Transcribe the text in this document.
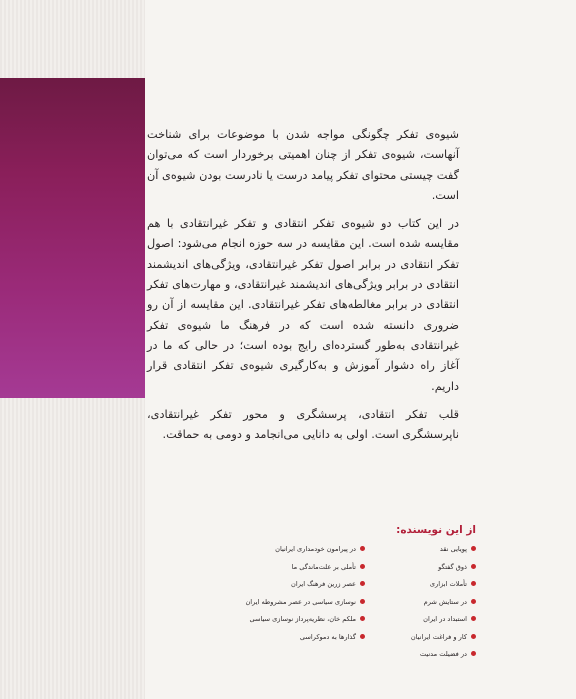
شیوه‌ی تفکر چگونگی مواجه شدن با موضوعات برای شناخت آنهاست، شیوه‌ی تفکر از چنان اهمیتی برخوردار است که می‌توان گفت چیستی محتوای تفکر پیامد درست یا نادرست بودن شیوه‌ی آن است.

در این کتاب دو شیوه‌ی تفکر انتقادی و تفکر غیرانتقادی با هم مقایسه شده است. این مقایسه در سه حوزه انجام می‌شود: اصول تفکر انتقادی در برابر اصول تفکر غیرانتقادی، ویژگی‌های اندیشمند انتقادی در برابر ویژگی‌های اندیشمند غیرانتقادی، و مهارت‌های تفکر انتقادی در برابر مغالطه‌های تفکر غیرانتقادی. این مقایسه از آن رو ضروری دانسته شده است که در فرهنگ ما شیوه‌ی تفکر غیرانتقادی به‌طور گسترده‌ای رایج بوده است؛ در حالی که ما در آغاز راه دشوار آموزش و به‌کارگیری شیوه‌ی تفکر انتقادی قرار داریم.

قلب تفکر انتقادی، پرسشگری و محور تفکر غیرانتقادی، ناپرسشگری است. اولی به دانایی می‌انجامد و دومی به حماقت.

از این نویسنده:
پویایی نقد
ذوق گفتگو
تأملات ابزاری
در ستایش شرم
استبداد در ایران
کار و فراغت ایرانیان
در فضیلت مدنیت
در پیرامون خودمداری ایرانیان
تأملی بر علت‌ماندگی ما
عصر زرین فرهنگ ایران
نوسازی سیاسی در عصر مشروطه ایران
ملکم خان، نظریه‌پرداز نوسازی سیاسی
گذارها به دموکراسی
